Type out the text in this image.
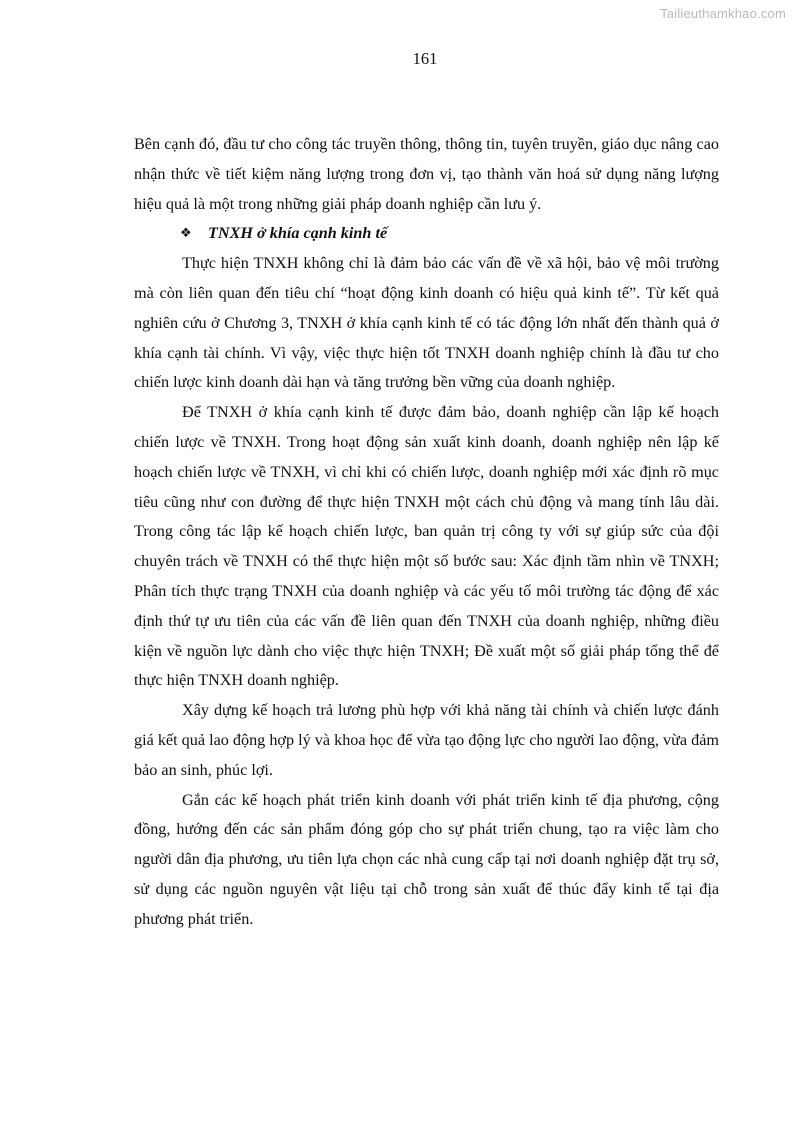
Tailieuthamkhao.com
161

Bên cạnh đó, đầu tư cho công tác truyền thông, thông tin, tuyên truyền, giáo dục nâng cao nhận thức về tiết kiệm năng lượng trong đơn vị, tạo thành văn hoá sử dụng năng lượng hiệu quả là một trong những giải pháp doanh nghiệp cần lưu ý.

❖	TNXH ở khía cạnh kinh tế

Thực hiện TNXH không chỉ là đảm bảo các vấn đề về xã hội, bảo vệ môi trường mà còn liên quan đến tiêu chí “hoạt động kinh doanh có hiệu quả kinh tế”. Từ kết quả nghiên cứu ở Chương 3, TNXH ở khía cạnh kinh tế có tác động lớn nhất đến thành quả ở khía cạnh tài chính. Vì vậy, việc thực hiện tốt TNXH doanh nghiệp chính là đầu tư cho chiến lược kinh doanh dài hạn và tăng trưởng bền vững của doanh nghiệp.

Để TNXH ở khía cạnh kinh tế được đảm bảo, doanh nghiệp cần lập kế hoạch chiến lược về TNXH. Trong hoạt động sản xuất kinh doanh, doanh nghiệp nên lập kế hoạch chiến lược về TNXH, vì chỉ khi có chiến lược, doanh nghiệp mới xác định rõ mục tiêu cũng như con đường để thực hiện TNXH một cách chủ động và mang tính lâu dài. Trong công tác lập kế hoạch chiến lược, ban quản trị công ty với sự giúp sức của đội chuyên trách về TNXH có thể thực hiện một số bước sau: Xác định tầm nhìn về TNXH; Phân tích thực trạng TNXH của doanh nghiệp và các yếu tố môi trường tác động để xác định thứ tự ưu tiên của các vấn đề liên quan đến TNXH của doanh nghiệp, những điều kiện về nguồn lực dành cho việc thực hiện TNXH; Đề xuất một số giải pháp tổng thể để thực hiện TNXH doanh nghiệp.

Xây dựng kế hoạch trả lương phù hợp với khả năng tài chính và chiến lược đánh giá kết quả lao động hợp lý và khoa học để vừa tạo động lực cho người lao động, vừa đảm bảo an sinh, phúc lợi.

Gắn các kế hoạch phát triển kinh doanh với phát triển kinh tế địa phương, cộng đồng, hướng đến các sản phẩm đóng góp cho sự phát triển chung, tạo ra việc làm cho người dân địa phương, ưu tiên lựa chọn các nhà cung cấp tại nơi doanh nghiệp đặt trụ sở, sử dụng các nguồn nguyên vật liệu tại chỗ trong sản xuất để thúc đẩy kinh tế tại địa phương phát triển.
